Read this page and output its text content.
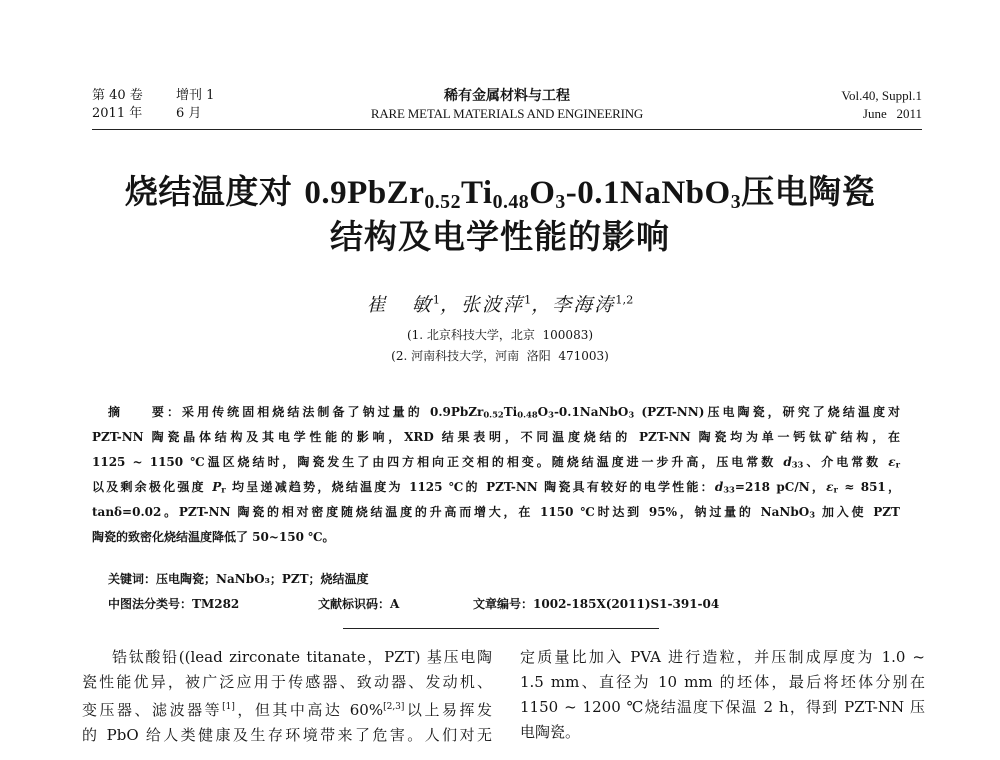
第 40 卷	增刊 1
2011 年	6 月
稀有金属材料与工程
RARE METAL MATERIALS AND ENGINEERING
Vol.40, Suppl.1
June   2011
烧结温度对 $0.9PbZr_{0.52}Ti_{0.48}O_3-0.1NaNbO_3$压电陶瓷
结构及电学性能的影响
崔   敏$^1$，张波萍$^1$，李海涛$^{1,2}$
(1. 北京科技大学，北京  100083)
(2. 河南科技大学，河南  洛阳  471003)
摘    要：采用传统固相烧结法制备了钠过量的 $0.9PbZr_{0.52}Ti_{0.48}O_3-0.1NaNbO_3$ (PZT-NN)压电陶瓷，研究了烧结温度对
PZT-NN 陶瓷晶体结构及其电学性能的影响，XRD 结果表明，不同温度烧结的 PZT-NN 陶瓷均为单一钙钛矿结构，在
1125 ~ 1150 ℃温区烧结时，陶瓷发生了由四方相向正交相的相变。随烧结温度进一步升高，压电常数 $d_{33}$、介电常数 $\varepsilon_r$
以及剩余极化强度 $P_r$ 均呈递减趋势，烧结温度为 1125 ℃的 PZT-NN 陶瓷具有较好的电学性能：$d_{33}=218$ pC/N，$\varepsilon_r \approx 851$，
tanδ=0.02。PZT-NN 陶瓷的相对密度随烧结温度的升高而增大，在 1150 ℃时达到 95%，钠过量的 NaNbO$_3$ 加入使 PZT
陶瓷的致密化烧结温度降低了 50~150 ℃。
关键词：压电陶瓷；NaNbO₃；PZT；烧结温度
中图法分类号：TM282	文献标识码：A	文章编号：1002-185X(2011)S1-391-04
锆钛酸铅((lead zirconate titanate，PZT) 基压电陶
瓷性能优异，被广泛应用于传感器、致动器、发动机、
变压器、滤波器等[1]，但其中高达 60%[2,3]以上易挥发
的 PbO 给人类健康及生存环境带来了危害。人们对无
定质量比加入 PVA 进行造粒，并压制成厚度为 1.0 ~
1.5 mm、直径为 10 mm 的坯体，最后将坯体分别在
1150 ~ 1200 ℃烧结温度下保温 2 h，得到 PZT-NN 压
电陶瓷。
